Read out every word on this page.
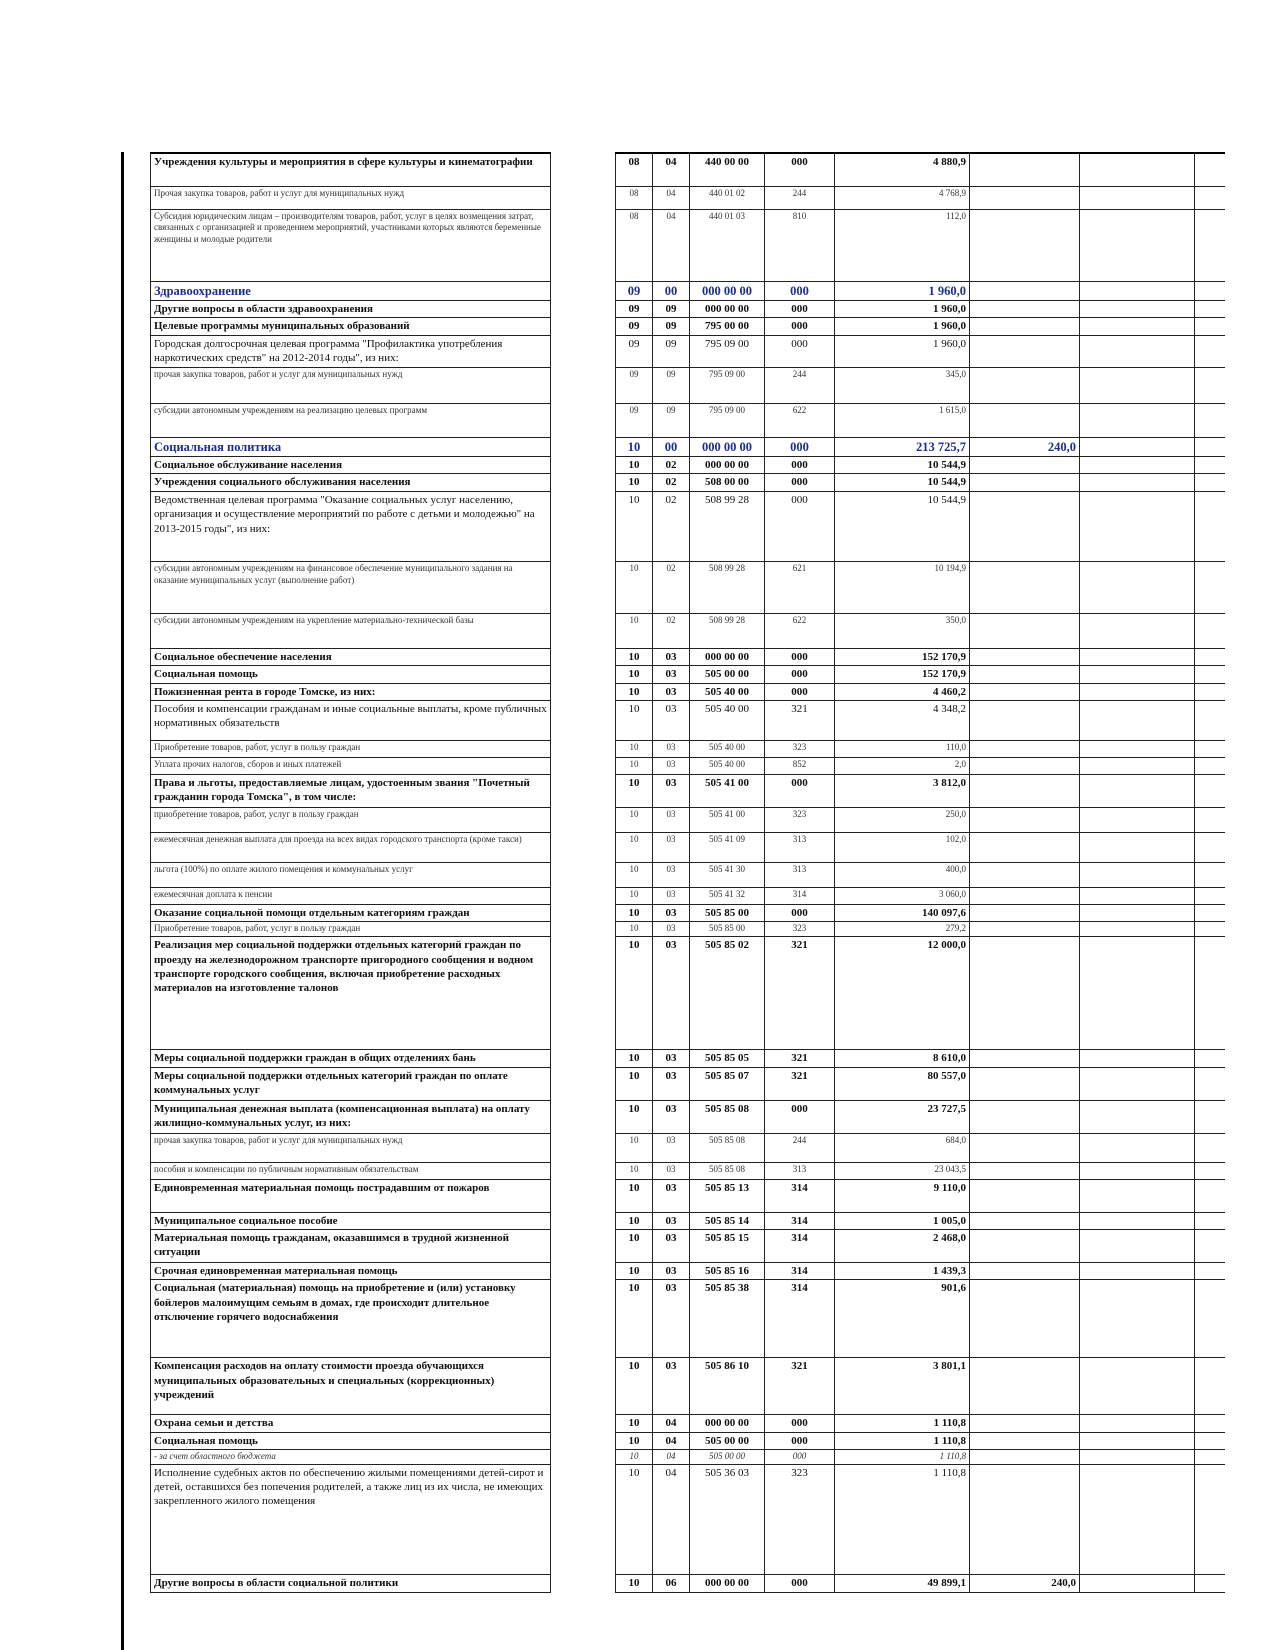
Учреждения культуры и мероприятия в сфере культуры и кинематографии		08	04	440 00 00	000	4 880,9			
Прочая закупка товаров, работ и услуг для муниципальных нужд		08	04	440 01 02	244	4 768,9			
Субсидия юридическим лицам – производителям товаров, работ, услуг в целях возмещения затрат, связанных с организацией и проведением мероприятий, участниками которых являются беременные женщины и молодые родители		08	04	440 01 03	810	112,0			
Здравоохранение		09	00	000 00 00	000	1 960,0			
Другие вопросы в области здравоохранения		09	09	000 00 00	000	1 960,0			
Целевые программы муниципальных образований		09	09	795 00 00	000	1 960,0			
Городская долгосрочная целевая программа "Профилактика употребления наркотических средств" на 2012-2014 годы", из них:		09	09	795 09 00	000	1 960,0			
прочая закупка товаров, работ и услуг для муниципальных нужд		09	09	795 09 00	244	345,0			
субсидии автономным учреждениям на реализацию целевых программ		09	09	795 09 00	622	1 615,0			
Социальная политика		10	00	000 00 00	000	213 725,7	240,0		
Социальное обслуживание населения		10	02	000 00 00	000	10 544,9			
Учреждения социального обслуживания населения		10	02	508 00 00	000	10 544,9			
Ведомственная целевая программа "Оказание социальных услуг населению, организация и осуществление мероприятий по работе с детьми и молодежью" на 2013-2015 годы", из них:		10	02	508 99 28	000	10 544,9			
субсидии автономным учреждениям на финансовое обеспечение муниципального задания на оказание муниципальных услуг (выполнение работ)		10	02	508 99 28	621	10 194,9			
субсидии автономным учреждениям на укрепление материально-технической базы		10	02	508 99 28	622	350,0			
Социальное обеспечение населения		10	03	000 00 00	000	152 170,9			
Социальная помощь		10	03	505 00 00	000	152 170,9			
Пожизненная рента в городе Томске, из них:		10	03	505 40 00	000	4 460,2			
Пособия и компенсации гражданам и иные социальные выплаты, кроме публичных нормативных обязательств		10	03	505 40 00	321	4 348,2			
Приобретение товаров, работ, услуг в пользу граждан		10	03	505 40 00	323	110,0			
Уплата прочих налогов, сборов и иных платежей		10	03	505 40 00	852	2,0			
Права и льготы, предоставляемые лицам, удостоенным звания "Почетный гражданин города Томска", в том числе:		10	03	505 41 00	000	3 812,0			
приобретение товаров, работ, услуг в пользу граждан		10	03	505 41 00	323	250,0			
ежемесячная денежная выплата для проезда на всех видах городского транспорта (кроме такси)		10	03	505 41 09	313	102,0			
льгота (100%) по оплате жилого помещения и коммунальных услуг		10	03	505 41 30	313	400,0			
ежемесячная доплата к пенсии		10	03	505 41 32	314	3 060,0			
Оказание социальной помощи отдельным категориям граждан		10	03	505 85 00	000	140 097,6			
Приобретение товаров, работ, услуг в пользу граждан		10	03	505 85 00	323	279,2			
Реализация мер социальной поддержки отдельных категорий граждан по проезду на железнодорожном транспорте пригородного сообщения и водном транспорте городского сообщения, включая приобретение расходных материалов на изготовление талонов		10	03	505 85 02	321	12 000,0			
Меры социальной поддержки граждан в общих отделениях бань		10	03	505 85 05	321	8 610,0			
Меры социальной поддержки отдельных категорий граждан по оплате коммунальных услуг		10	03	505 85 07	321	80 557,0			
Муниципальная денежная выплата (компенсационная выплата) на оплату жилищно-коммунальных услуг, из них:		10	03	505 85 08	000	23 727,5			
прочая закупка товаров, работ и услуг для муниципальных нужд		10	03	505 85 08	244	684,0			
пособия и компенсации по публичным нормативным обязательствам		10	03	505 85 08	313	23 043,5			
Единовременная материальная помощь пострадавшим от пожаров		10	03	505 85 13	314	9 110,0			
Муниципальное социальное пособие		10	03	505 85 14	314	1 005,0			
Материальная помощь гражданам, оказавшимся в трудной жизненной ситуации		10	03	505 85 15	314	2 468,0			
Срочная единовременная материальная помощь		10	03	505 85 16	314	1 439,3			
Социальная (материальная) помощь на приобретение и (или) установку бойлеров малоимущим семьям в домах, где происходит длительное отключение горячего водоснабжения		10	03	505 85 38	314	901,6			
Компенсация расходов на оплату стоимости проезда обучающихся муниципальных образовательных и специальных (коррекционных) учреждений		10	03	505 86 10	321	3 801,1			
Охрана семьи и детства		10	04	000 00 00	000	1 110,8			
Социальная помощь		10	04	505 00 00	000	1 110,8			
- за счет областного бюджета		10	04	505 00 00	000	1 110,8			
Исполнение судебных актов по обеспечению жилыми помещениями детей-сирот и детей, оставшихся без попечения родителей, а также лиц из их числа, не имеющих закрепленного жилого помещения		10	04	505 36 03	323	1 110,8			
Другие вопросы в области социальной политики		10	06	000 00 00	000	49 899,1	240,0		
